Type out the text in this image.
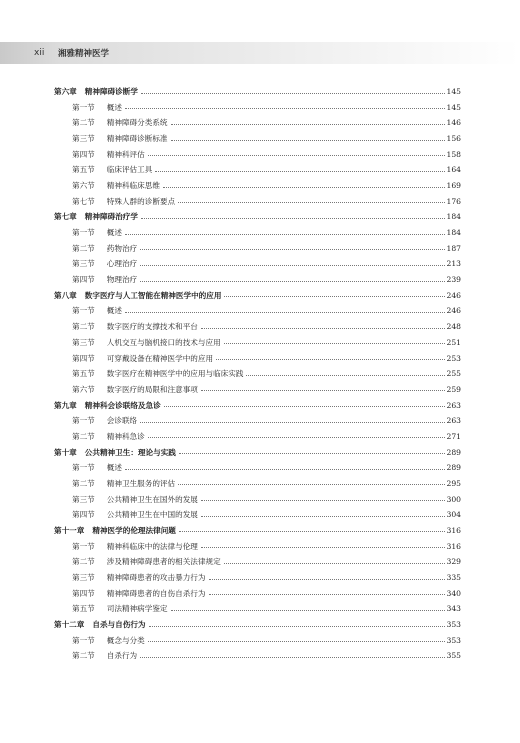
xii	湘雅精神医学
第六章 精神障碍诊断学	145
第一节 概述	145
第二节 精神障碍分类系统	146
第三节 精神障碍诊断标准	156
第四节 精神科评估	158
第五节 临床评估工具	164
第六节 精神科临床思维	169
第七节 特殊人群的诊断要点	176
第七章 精神障碍治疗学	184
第一节 概述	184
第二节 药物治疗	187
第三节 心理治疗	213
第四节 物理治疗	239
第八章 数字医疗与人工智能在精神医学中的应用	246
第一节 概述	246
第二节 数字医疗的支撑技术和平台	248
第三节 人机交互与脑机接口的技术与应用	251
第四节 可穿戴设备在精神医学中的应用	253
第五节 数字医疗在精神医学中的应用与临床实践	255
第六节 数字医疗的局限和注意事项	259
第九章 精神科会诊联络及急诊	263
第一节 会诊联络	263
第二节 精神科急诊	271
第十章 公共精神卫生：理论与实践	289
第一节 概述	289
第二节 精神卫生服务的评估	295
第三节 公共精神卫生在国外的发展	300
第四节 公共精神卫生在中国的发展	304
第十一章 精神医学的伦理法律问题	316
第一节 精神科临床中的法律与伦理	316
第二节 涉及精神障碍患者的相关法律规定	329
第三节 精神障碍患者的攻击暴力行为	335
第四节 精神障碍患者的自伤自杀行为	340
第五节 司法精神病学鉴定	343
第十二章 自杀与自伤行为	353
第一节 概念与分类	353
第二节 自杀行为	355
